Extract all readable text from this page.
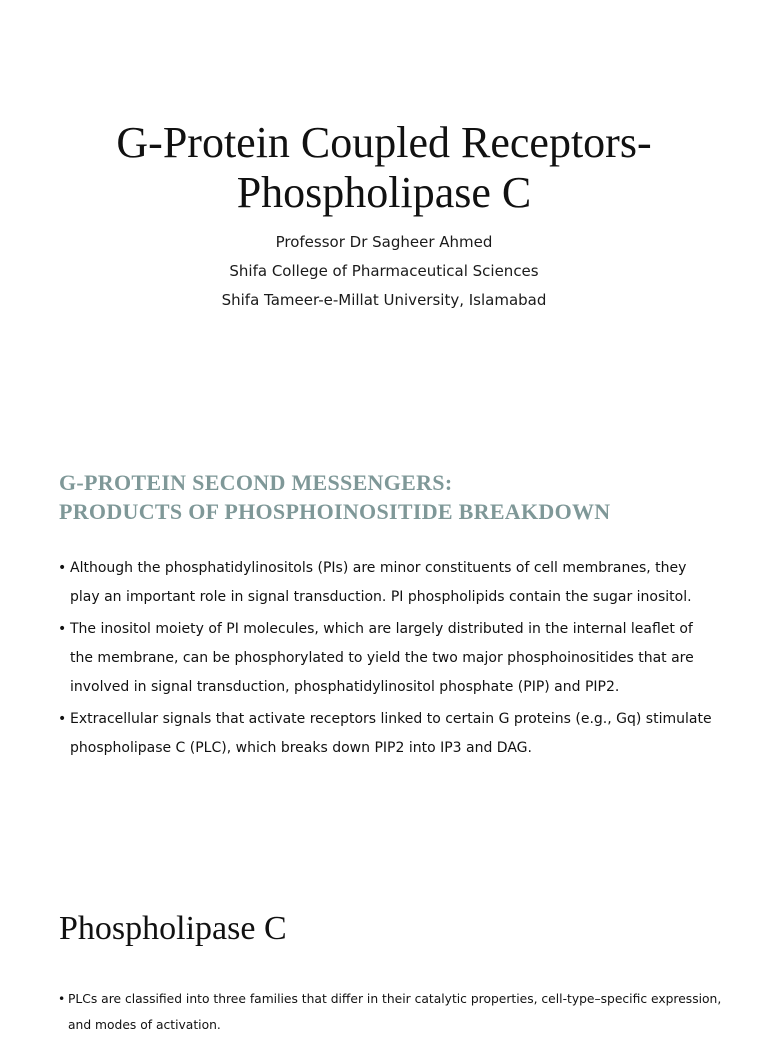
G-Protein Coupled Receptors-
Phospholipase C
Professor Dr Sagheer Ahmed
Shifa College of Pharmaceutical Sciences
Shifa Tameer-e-Millat University, Islamabad
G-PROTEIN SECOND MESSENGERS:
PRODUCTS OF PHOSPHOINOSITIDE BREAKDOWN
• Although the phosphatidylinositols (PIs) are minor constituents of cell membranes, they play an important role in signal transduction. PI phospholipids contain the sugar inositol.
• The inositol moiety of PI molecules, which are largely distributed in the internal leaflet of the membrane, can be phosphorylated to yield the two major phosphoinositides that are involved in signal transduction, phosphatidylinositol phosphate (PIP) and PIP2.
• Extracellular signals that activate receptors linked to certain G proteins (e.g., Gq) stimulate phospholipase C (PLC), which breaks down PIP2 into IP3 and DAG.
Phospholipase C
• PLCs are classified into three families that differ in their catalytic properties, cell-type–specific expression, and modes of activation.
